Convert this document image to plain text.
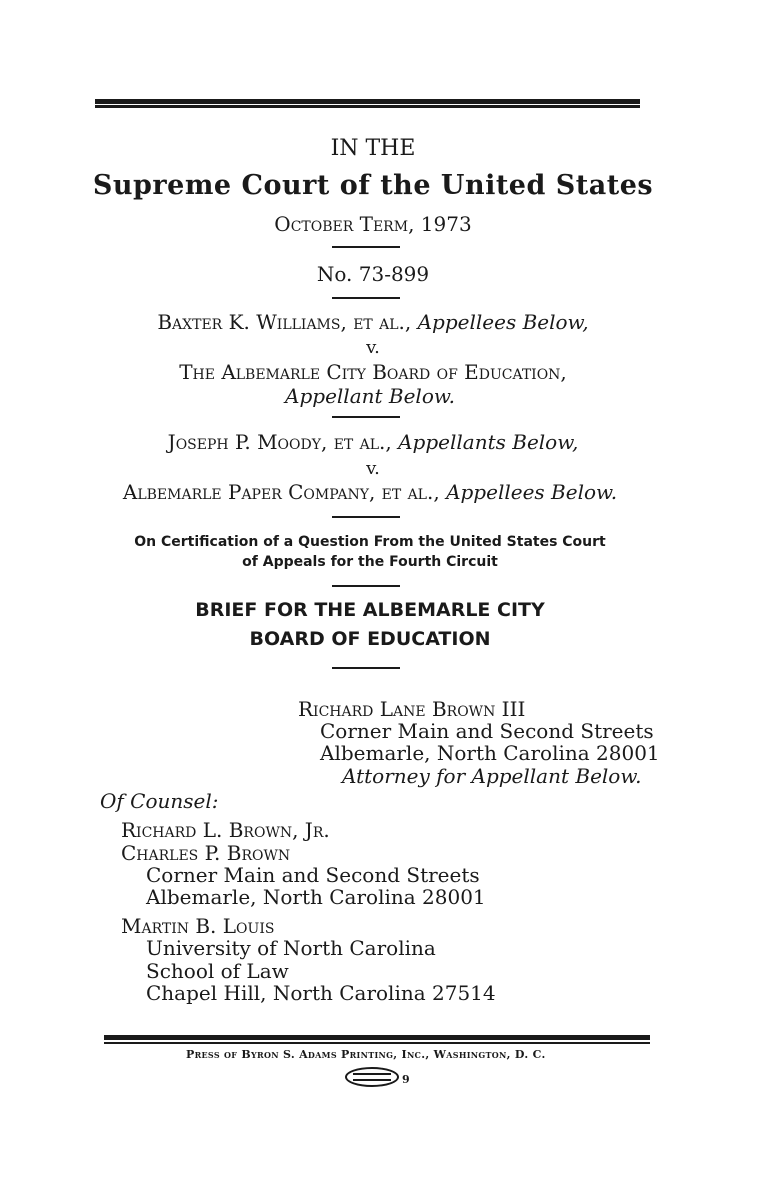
IN THE
Supreme Court of the United States
October Term, 1973
No. 73-899
Baxter K. Williams, et al., Appellees Below,
v.
The Albemarle City Board of Education,
Appellant Below.
Joseph P. Moody, et al., Appellants Below,
v.
Albemarle Paper Company, et al., Appellees Below.
On Certification of a Question From the United States Court
of Appeals for the Fourth Circuit
BRIEF FOR THE ALBEMARLE CITY
BOARD OF EDUCATION
Richard Lane Brown III
Corner Main and Second Streets
Albemarle, North Carolina 28001
Attorney for Appellant Below.
Of Counsel:
Richard L. Brown, Jr.
Charles P. Brown
Corner Main and Second Streets
Albemarle, North Carolina 28001
Martin B. Louis
University of North Carolina
School of Law
Chapel Hill, North Carolina 27514
Press of Byron S. Adams Printing, Inc., Washington, D. C.
9
